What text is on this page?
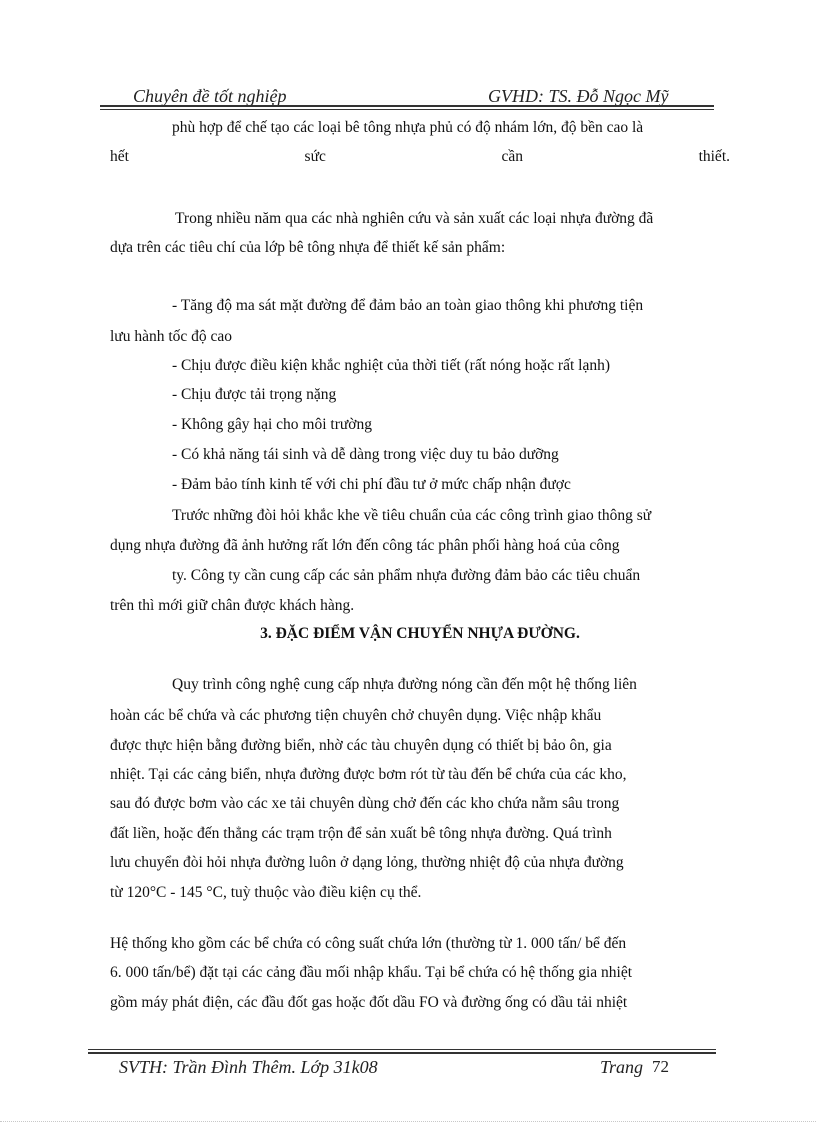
Chuyên đề tốt nghiệp	GVHD: TS. Đỗ Ngọc Mỹ
phù hợp để chế tạo các loại bê tông nhựa phủ có độ nhám lớn, độ bền cao là
hết sức cần thiết.
Trong nhiều năm qua các nhà nghiên cứu và sản xuất các loại nhựa đường đã
dựa trên các tiêu chí của lớp bê tông nhựa để thiết kế sản phẩm:
- Tăng độ ma sát mặt đường để đảm bảo an toàn giao thông khi phương tiện
lưu hành tốc độ cao
- Chịu được điều kiện khắc nghiệt của thời tiết (rất nóng hoặc rất lạnh)
- Chịu được tải trọng nặng
- Không gây hại cho môi trường
- Có khả năng tái sinh và dễ dàng trong việc duy tu bảo dưỡng
- Đảm bảo tính kinh tế với chi phí đầu tư ở mức chấp nhận được
Trước những đòi hỏi khắc khe về tiêu chuẩn của các công trình giao thông sử
dụng nhựa đường đã ảnh hưởng rất lớn đến công tác phân phối hàng hoá của công
ty. Công ty cần cung cấp các sản phẩm nhựa đường đảm bảo các tiêu chuẩn
trên thì mới giữ chân được khách hàng.
3. ĐẶC ĐIỂM VẬN CHUYỂN NHỰA ĐƯỜNG.
Quy trình công nghệ cung cấp nhựa đường nóng cần đến một hệ thống liên
hoàn các bể chứa và các phương tiện chuyên chở chuyên dụng. Việc nhập khẩu
được thực hiện bằng đường biển, nhờ các tàu chuyên dụng có thiết bị bảo ôn, gia
nhiệt. Tại các cảng biển, nhựa đường được bơm rót từ tàu đến bể chứa của các kho,
sau đó được bơm vào các xe tải chuyên dùng chở đến các kho chứa nằm sâu trong
đất liền, hoặc đến thẳng các trạm trộn để sản xuất bê tông nhựa đường. Quá trình
lưu chuyển đòi hỏi nhựa đường luôn ở dạng lỏng, thường nhiệt độ của nhựa đường
từ 120°C - 145 °C, tuỳ thuộc vào điều kiện cụ thể.
Hệ thống kho gồm các bể chứa có công suất chứa lớn (thường từ 1. 000 tấn/ bể đến
6. 000 tấn/bể) đặt tại các cảng đầu mối nhập khẩu. Tại bể chứa có hệ thống gia nhiệt
gồm máy phát điện, các đầu đốt gas hoặc đốt dầu FO và đường ống có dầu tải nhiệt
SVTH: Trần Đình Thêm. Lớp 31k08	Trang 72
